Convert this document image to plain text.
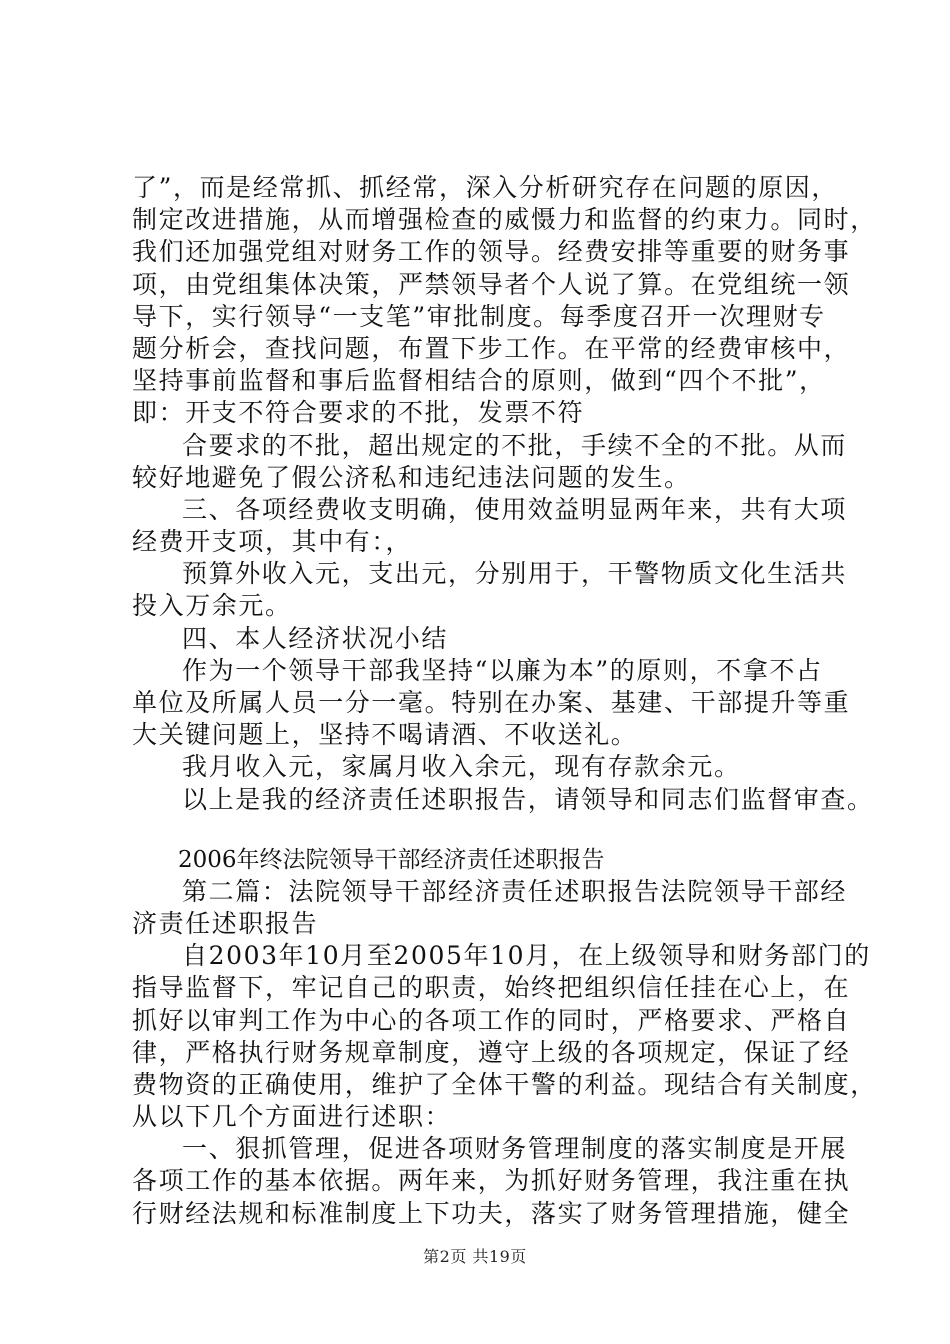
了”，而是经常抓、抓经常，深入分析研究存在问题的原因，
制定改进措施，从而增强检查的威慑力和监督的约束力。同时，
我们还加强党组对财务工作的领导。经费安排等重要的财务事
项，由党组集体决策，严禁领导者个人说了算。在党组统一领
导下，实行领导“一支笔”审批制度。每季度召开一次理财专
题分析会，查找问题，布置下步工作。在平常的经费审核中，
坚持事前监督和事后监督相结合的原则，做到“四个不批”，
即：开支不符合要求的不批，发票不符
合要求的不批，超出规定的不批，手续不全的不批。从而
较好地避免了假公济私和违纪违法问题的发生。
三、各项经费收支明确，使用效益明显两年来，共有大项
经费开支项，其中有：，
预算外收入元，支出元，分别用于，干警物质文化生活共
投入万余元。
四、本人经济状况小结
作为一个领导干部我坚持“以廉为本”的原则，不拿不占
单位及所属人员一分一毫。特别在办案、基建、干部提升等重
大关键问题上，坚持不喝请酒、不收送礼。
我月收入元，家属月收入余元，现有存款余元。
以上是我的经济责任述职报告，请领导和同志们监督审查。
2006年终法院领导干部经济责任述职报告
第二篇：法院领导干部经济责任述职报告法院领导干部经
济责任述职报告
自2003年10月至2005年10月，在上级领导和财务部门的
指导监督下，牢记自己的职责，始终把组织信任挂在心上，在
抓好以审判工作为中心的各项工作的同时，严格要求、严格自
律，严格执行财务规章制度，遵守上级的各项规定，保证了经
费物资的正确使用，维护了全体干警的利益。现结合有关制度，
从以下几个方面进行述职：
一、狠抓管理，促进各项财务管理制度的落实制度是开展
各项工作的基本依据。两年来，为抓好财务管理，我注重在执
行财经法规和标准制度上下功夫，落实了财务管理措施，健全
第2页 共19页
